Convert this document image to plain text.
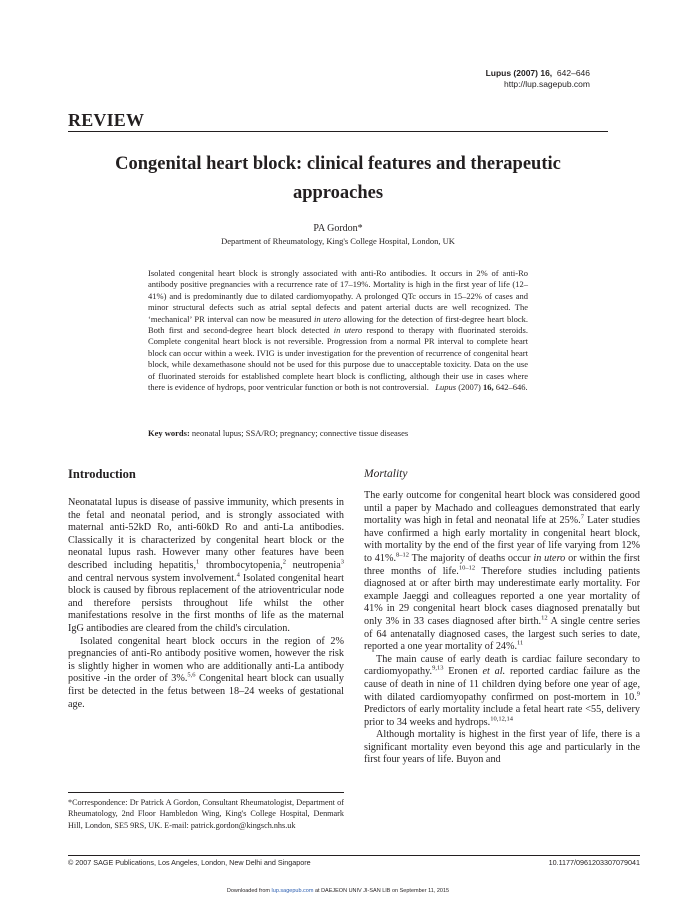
Lupus (2007) 16, 642–646
http://lup.sagepub.com
REVIEW
Congenital heart block: clinical features and therapeutic approaches
PA Gordon*
Department of Rheumatology, King's College Hospital, London, UK
Isolated congenital heart block is strongly associated with anti-Ro antibodies. It occurs in 2% of anti-Ro antibody positive pregnancies with a recurrence rate of 17–19%. Mortality is high in the first year of life (12–41%) and is predominantly due to dilated cardiomyopathy. A prolonged QTc occurs in 15–22% of cases and minor structural defects such as atrial septal defects and patent arterial ducts are well recognized. The ‘mechanical’ PR interval can now be measured in utero allowing for the detection of first-degree heart block. Both first and second-degree heart block detected in utero respond to therapy with fluorinated steroids. Complete congenital heart block is not reversible. Progression from a normal PR interval to complete heart block can occur within a week. IVIG is under investigation for the prevention of recurrence of congenital heart block, while dexamethasone should not be used for this purpose due to unacceptable toxicity. Data on the use of fluorinated steroids for established complete heart block is conflicting, although their use in cases where there is evidence of hydrops, poor ventricular function or both is not controversial. Lupus (2007) 16, 642–646.
Key words: neonatal lupus; SSA/RO; pregnancy; connective tissue diseases
Introduction

Neonatatal lupus is disease of passive immunity, which presents in the fetal and neonatal period, and is strongly associated with maternal anti-52kD Ro, anti-60kD Ro and anti-La antibodies. Classically it is characterized by congenital heart block or the neonatal lupus rash. However many other features have been described including hepatitis,$^1$ thrombocytopenia,$^2$ neutropenia$^3$ and central nervous system involvement.$^4$ Isolated congenital heart block is caused by fibrous replacement of the atrioventricular node and therefore persists throughout life whilst the other manifestations resolve in the first months of life as the maternal IgG antibodies are cleared from the child's circulation.

Isolated congenital heart block occurs in the region of 2% pregnancies of anti-Ro antibody positive women, however the risk is slightly higher in women who are additionally anti-La antibody positive -in the order of 3%.$^{5,6}$ Congenital heart block can usually first be detected in the fetus between 18–24 weeks of gestational age.

Mortality

The early outcome for congenital heart block was considered good until a paper by Machado and colleagues demonstrated that early mortality was high in fetal and neonatal life at 25%.$^7$ Later studies have confirmed a high early mortality in congenital heart block, with mortality by the end of the first year of life varying from 12% to 41%.$^{8-12}$ The majority of deaths occur in utero or within the first three months of life.$^{10-12}$ Therefore studies including patients diagnosed at or after birth may underestimate early mortality. For example Jaeggi and colleagues reported a one year mortality of 41% in 29 congenital heart block cases diagnosed prenatally but only 3% in 33 cases diagnosed after birth.$^{12}$ A single centre series of 64 antenatally diagnosed cases, the largest such series to date, reported a one year mortality of 24%.$^{11}$

The main cause of early death is cardiac failure secondary to cardiomyopathy.$^{9,13}$ Eronen et al. reported cardiac failure as the cause of death in nine of 11 children dying before one year of age, with dilated cardiomyopathy confirmed on post-mortem in 10.$^9$ Predictors of early mortality include a fetal heart rate <55, delivery prior to 34 weeks and hydrops.$^{10,12,14}$

Although mortality is highest in the first year of life, there is a significant mortality even beyond this age and particularly in the first four years of life. Buyon and

*Correspondence: Dr Patrick A Gordon, Consultant Rheumatologist, Department of Rheumatology, 2nd Floor Hambledon Wing, King's College Hospital, Denmark Hill, London, SE5 9RS, UK. E-mail: patrick.gordon@kingsch.nhs.uk
© 2007 SAGE Publications, Los Angeles, London, New Delhi and Singapore	10.1177/0961203307079041
Downloaded from lup.sagepub.com at DAEJEON UNIV JI-SAN LIB on September 11, 2015
